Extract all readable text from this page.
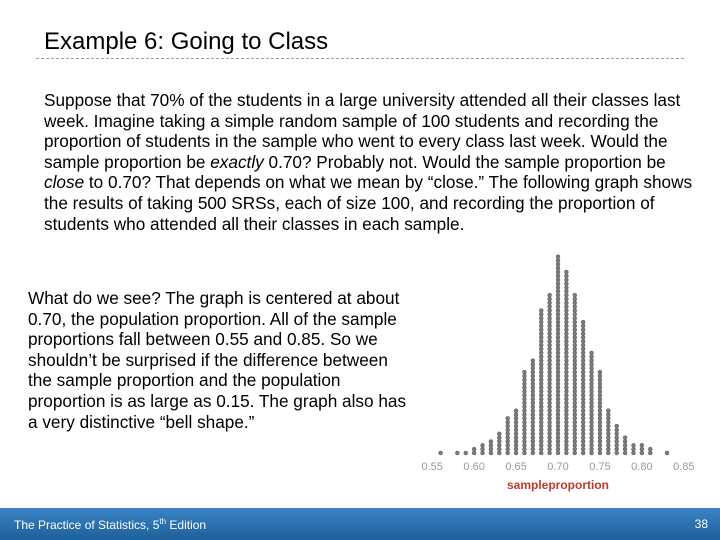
Example 6: Going to Class
Suppose that 70% of the students in a large university attended all their classes last week. Imagine taking a simple random sample of 100 students and recording the proportion of students in the sample who went to every class last week. Would the sample proportion be exactly 0.70? Probably not. Would the sample proportion be close to 0.70? That depends on what we mean by “close.” The following graph shows the results of taking 500 SRSs, each of size 100, and recording the proportion of students who attended all their classes in each sample.
What do we see? The graph is centered at about 0.70, the population proportion. All of the sample proportions fall between 0.55 and 0.85. So we shouldn’t be surprised if the difference between the sample proportion and the population proportion is as large as 0.15. The graph also has a very distinctive “bell shape.”
0.55 0.60 0.65 0.70 0.75 0.80 0.85
sampleproportion
The Practice of Statistics, 5th Edition	38
